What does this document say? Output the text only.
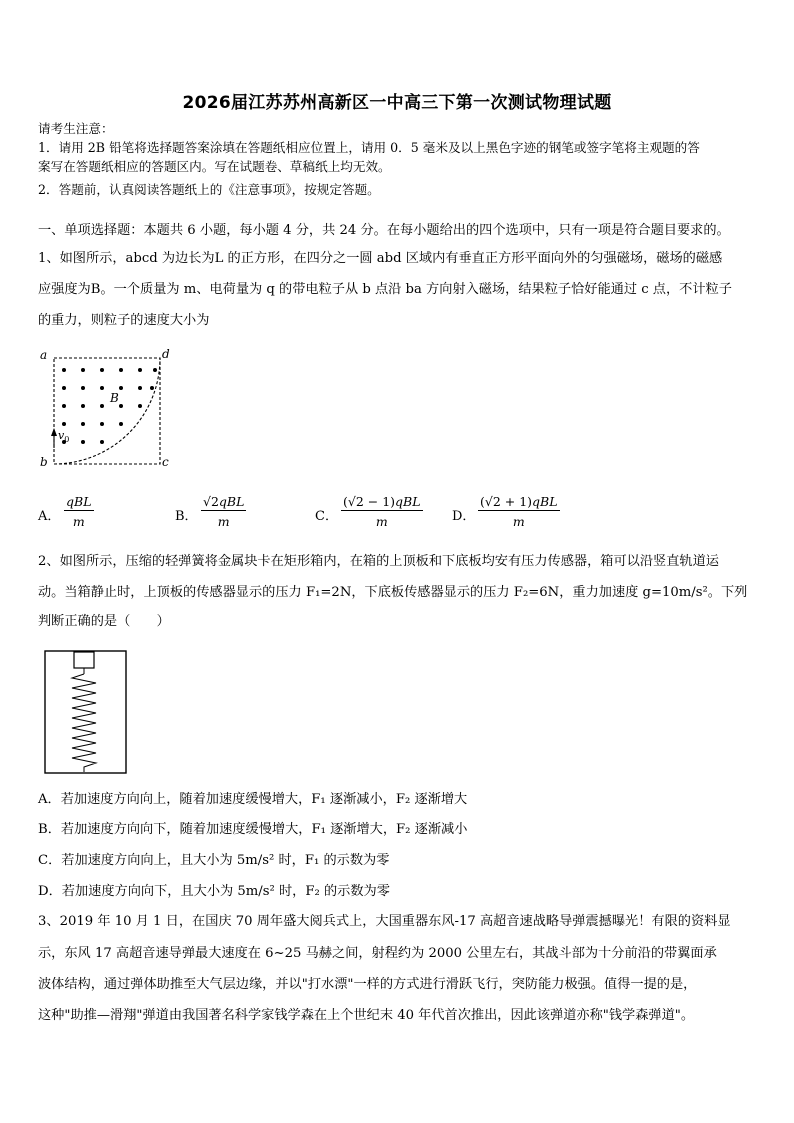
2026届江苏苏州高新区一中高三下第一次测试物理试题
请考生注意：
1．请用 2B 铅笔将选择题答案涂填在答题纸相应位置上，请用 0．5 毫米及以上黑色字迹的钢笔或签字笔将主观题的答
案写在答题纸相应的答题区内。写在试题卷、草稿纸上均无效。
2．答题前，认真阅读答题纸上的《注意事项》，按规定答题。
一、单项选择题：本题共 6 小题，每小题 4 分，共 24 分。在每小题给出的四个选项中，只有一项是符合题目要求的。
1、如图所示，abcd 为边长为L 的正方形，在四分之一圆 abd 区域内有垂直正方形平面向外的匀强磁场，磁场的磁感
应强度为B。一个质量为 m、电荷量为 q 的带电粒子从 b 点沿 ba 方向射入磁场，结果粒子恰好能通过 c 点，不计粒子
的重力，则粒子的速度大小为
a	d
b	c
B
$v_0$
A．
qBL
m	B．
√2qBL
m	C．
(√2 − 1)qBL
m	D．
(√2 + 1)qBL
m
2、如图所示，压缩的轻弹簧将金属块卡在矩形箱内，在箱的上顶板和下底板均安有压力传感器，箱可以沿竖直轨道运
动。当箱静止时，上顶板的传感器显示的压力 F₁=2N，下底板传感器显示的压力 F₂=6N，重力加速度 g=10m/s²。下列
判断正确的是（　　）
A．若加速度方向向上，随着加速度缓慢增大，F₁ 逐渐减小，F₂ 逐渐增大
B．若加速度方向向下，随着加速度缓慢增大，F₁ 逐渐增大，F₂ 逐渐减小
C．若加速度方向向上，且大小为 5m/s² 时，F₁ 的示数为零
D．若加速度方向向下，且大小为 5m/s² 时，F₂ 的示数为零
3、2019 年 10 月 1 日，在国庆 70 周年盛大阅兵式上，大国重器东风-17 高超音速战略导弹震撼曝光！有限的资料显
示，东风 17 高超音速导弹最大速度在 6~25 马赫之间，射程约为 2000 公里左右，其战斗部为十分前沿的带翼面承
波体结构，通过弹体助推至大气层边缘，并以"打水漂"一样的方式进行滑跃飞行，突防能力极强。值得一提的是，
这种"助推—滑翔"弹道由我国著名科学家钱学森在上个世纪末 40 年代首次推出，因此该弹道亦称"钱学森弹道"。
